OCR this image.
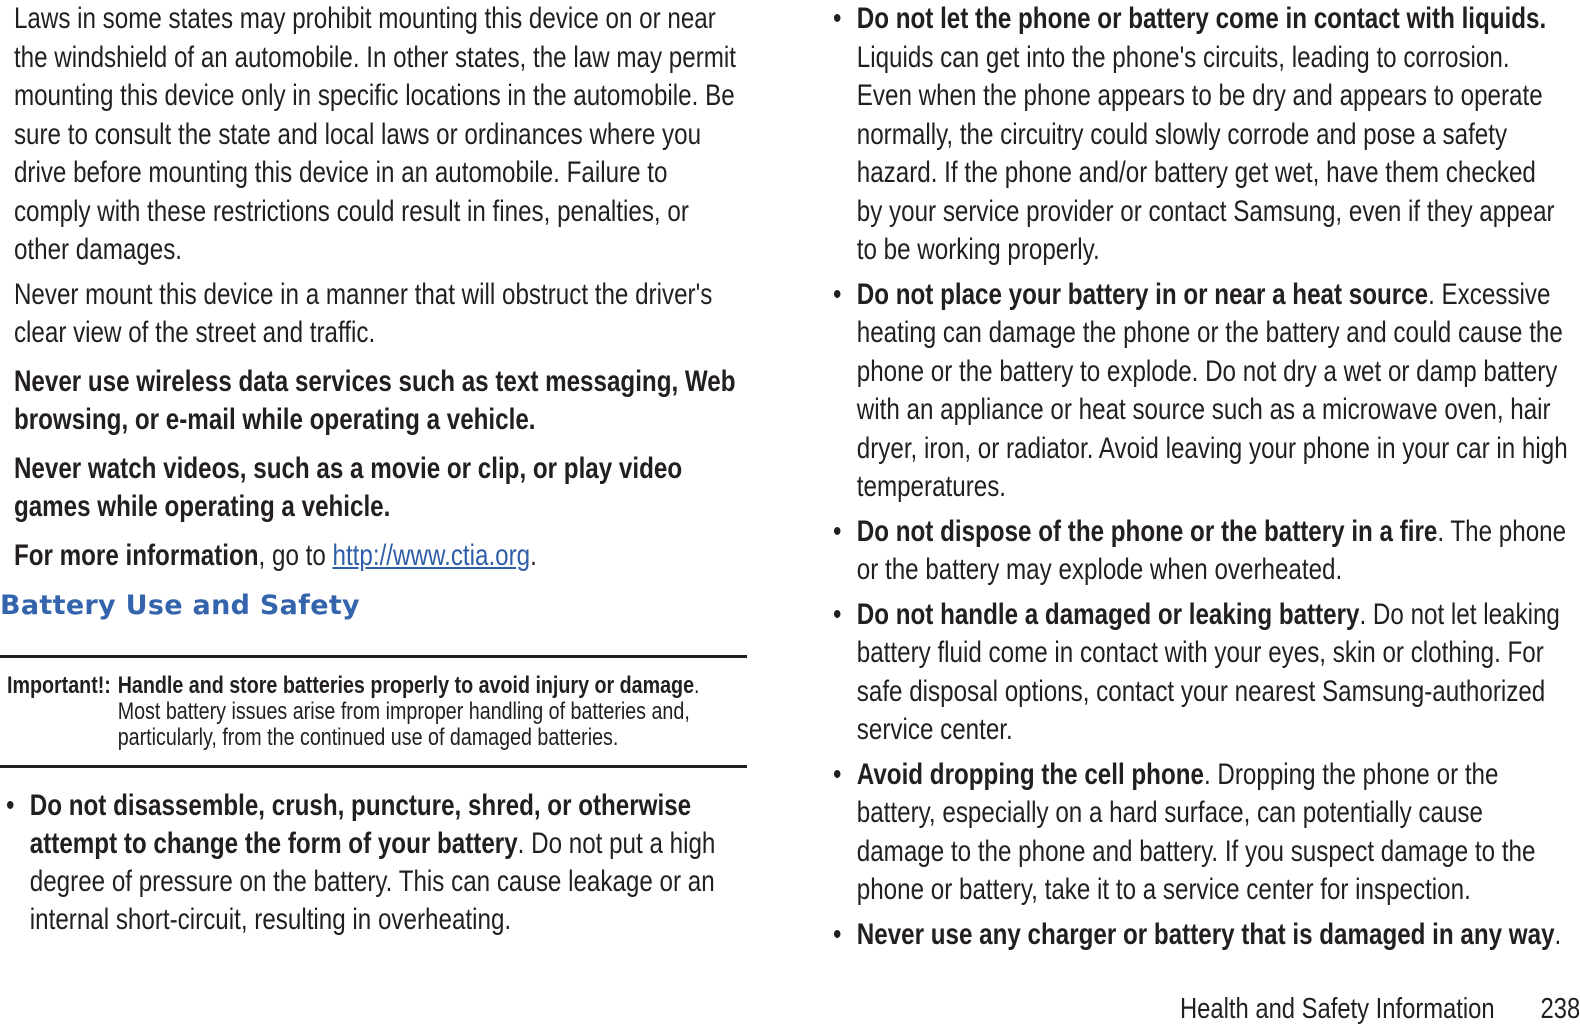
Laws in some states may prohibit mounting this device on or near the windshield of an automobile. In other states, the law may permit mounting this device only in specific locations in the automobile. Be sure to consult the state and local laws or ordinances where you drive before mounting this device in an automobile. Failure to comply with these restrictions could result in fines, penalties, or other damages.

Never mount this device in a manner that will obstruct the driver's clear view of the street and traffic.

Never use wireless data services such as text messaging, Web browsing, or e-mail while operating a vehicle.

Never watch videos, such as a movie or clip, or play video games while operating a vehicle.

For more information, go to http://www.ctia.org.

Battery Use and Safety
Important!: Handle and store batteries properly to avoid injury or damage. Most battery issues arise from improper handling of batteries and, particularly, from the continued use of damaged batteries.
• Do not disassemble, crush, puncture, shred, or otherwise attempt to change the form of your battery. Do not put a high degree of pressure on the battery. This can cause leakage or an internal short-circuit, resulting in overheating.
• Do not let the phone or battery come in contact with liquids. Liquids can get into the phone's circuits, leading to corrosion. Even when the phone appears to be dry and appears to operate normally, the circuitry could slowly corrode and pose a safety hazard. If the phone and/or battery get wet, have them checked by your service provider or contact Samsung, even if they appear to be working properly.
• Do not place your battery in or near a heat source. Excessive heating can damage the phone or the battery and could cause the phone or the battery to explode. Do not dry a wet or damp battery with an appliance or heat source such as a microwave oven, hair dryer, iron, or radiator. Avoid leaving your phone in your car in high temperatures.
• Do not dispose of the phone or the battery in a fire. The phone or the battery may explode when overheated.
• Do not handle a damaged or leaking battery. Do not let leaking battery fluid come in contact with your eyes, skin or clothing. For safe disposal options, contact your nearest Samsung-authorized service center.
• Avoid dropping the cell phone. Dropping the phone or the battery, especially on a hard surface, can potentially cause damage to the phone and battery. If you suspect damage to the phone or battery, take it to a service center for inspection.
• Never use any charger or battery that is damaged in any way.
Health and Safety Information 238
